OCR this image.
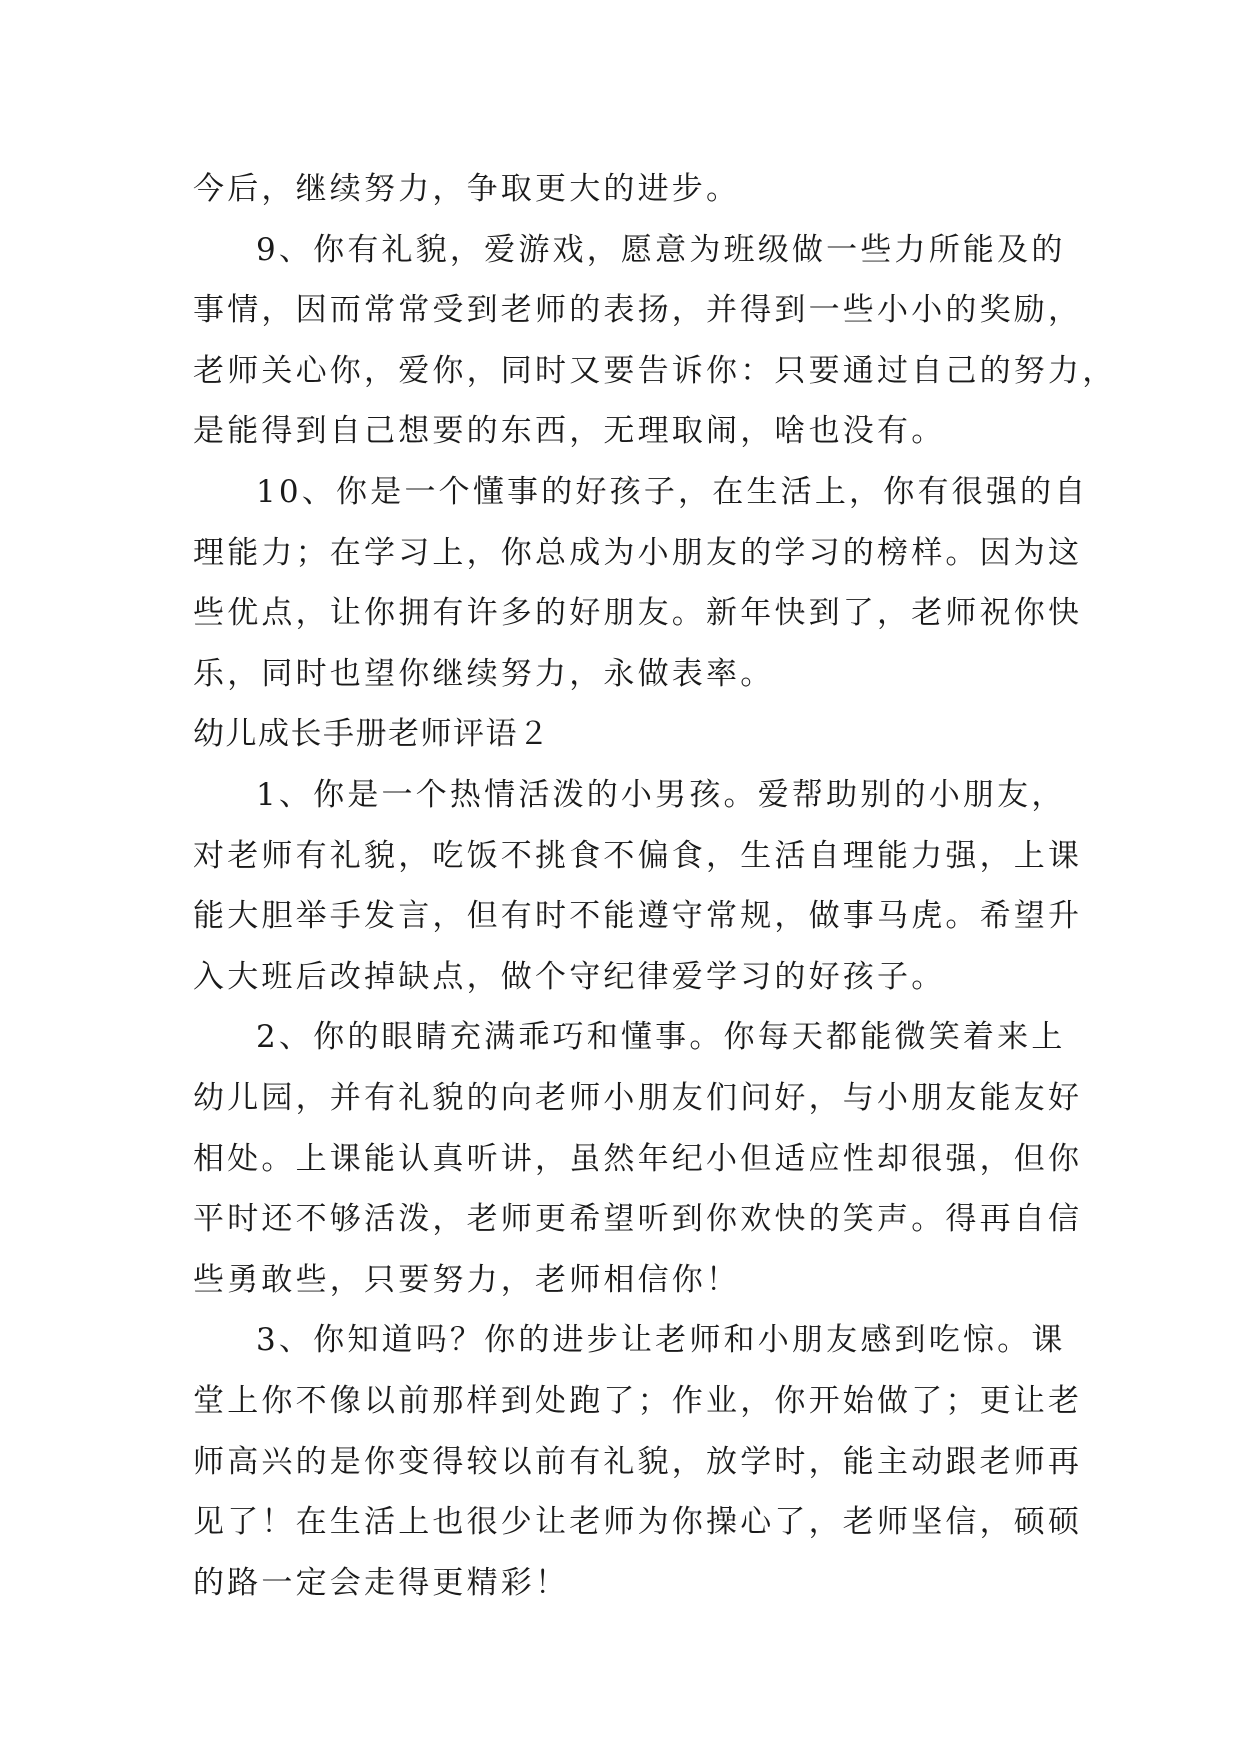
今后，继续努力，争取更大的进步。
9、你有礼貌，爱游戏，愿意为班级做一些力所能及的
事情，因而常常受到老师的表扬，并得到一些小小的奖励，
老师关心你，爱你，同时又要告诉你：只要通过自己的努力，
是能得到自己想要的东西，无理取闹，啥也没有。
10、你是一个懂事的好孩子，在生活上，你有很强的自
理能力；在学习上，你总成为小朋友的学习的榜样。因为这
些优点，让你拥有许多的好朋友。新年快到了，老师祝你快
乐，同时也望你继续努力，永做表率。
幼儿成长手册老师评语２
1、你是一个热情活泼的小男孩。爱帮助别的小朋友，
对老师有礼貌，吃饭不挑食不偏食，生活自理能力强，上课
能大胆举手发言，但有时不能遵守常规，做事马虎。希望升
入大班后改掉缺点，做个守纪律爱学习的好孩子。
2、你的眼睛充满乖巧和懂事。你每天都能微笑着来上
幼儿园，并有礼貌的向老师小朋友们问好，与小朋友能友好
相处。上课能认真听讲，虽然年纪小但适应性却很强，但你
平时还不够活泼，老师更希望听到你欢快的笑声。得再自信
些勇敢些，只要努力，老师相信你！
3、你知道吗？你的进步让老师和小朋友感到吃惊。课
堂上你不像以前那样到处跑了；作业，你开始做了；更让老
师高兴的是你变得较以前有礼貌，放学时，能主动跟老师再
见了！在生活上也很少让老师为你操心了，老师坚信，硕硕
的路一定会走得更精彩！
